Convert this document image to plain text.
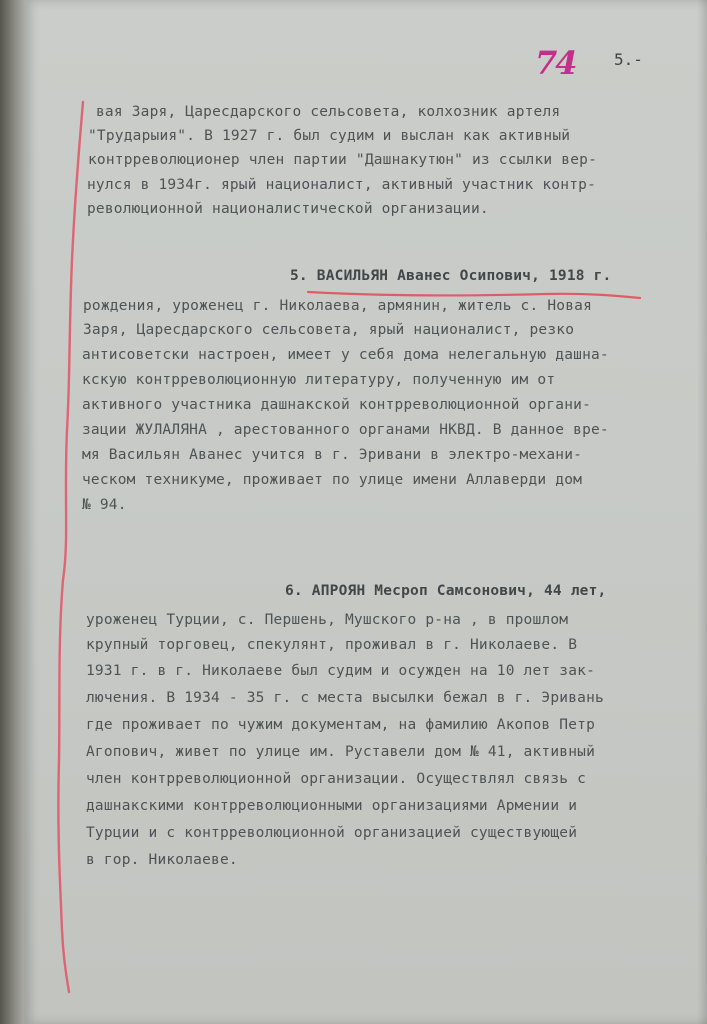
74 5.-
вая Заря, Царесдарского сельсовета, колхозник артеля
"Трударыия". В 1927 г. был судим и выслан как активный
контрреволюционер член партии "Дашнакутюн" из ссылки вер-
нулся в 1934г. ярый националист, активный участник контр-
революционной националистической организации.
5. ВАСИЛЬЯН Аванес Осипович, 1918 г.
рождения, уроженец г. Николаева, армянин, житель с. Новая
Заря, Царесдарского сельсовета, ярый националист, резко
антисоветски настроен, имеет у себя дома нелегальную дашна-
кскую контрреволюционную литературу, полученную им от
активного участника дашнакской контрреволюционной органи-
зации ЖУЛАЛЯНА , арестованного органами НКВД. В данное вре-
мя Васильян Аванес учится в г. Эривани в электро-механи-
ческом техникуме, проживает по улице имени Аллаверди дом
№ 94.
6. АПРОЯН Месроп Самсонович, 44 лет,
уроженец Турции, с. Першень, Мушского р-на , в прошлом
крупный торговец, спекулянт, проживал в г. Николаеве. В
1931 г. в г. Николаеве был судим и осужден на 10 лет зак-
лючения. В 1934 - 35 г. с места высылки бежал в г. Эривань
где проживает по чужим документам, на фамилию Акопов Петр
Агопович, живет по улице им. Руставели дом № 41, активный
член контрреволюционной организации. Осуществлял связь с
дашнакскими контрреволюционными организациями Армении и
Турции и с контрреволюционной организацией существующей
в гор. Николаеве.
